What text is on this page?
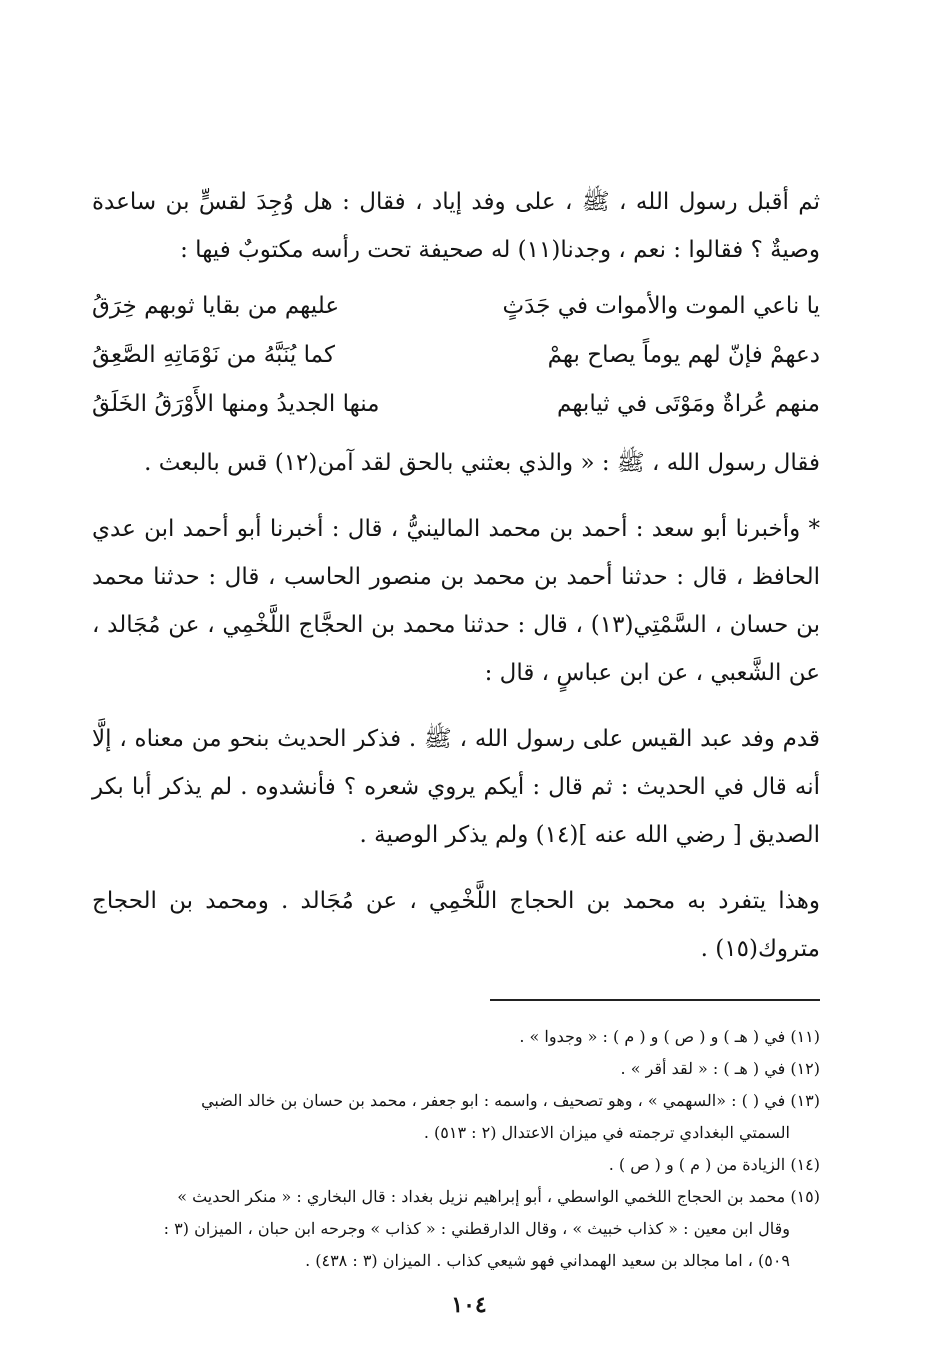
ثم أقبل رسول الله ، ﷺ ، على وفد إياد ، فقال : هل وُجِدَ لقسٍّ بن ساعدة وصيةٌ ؟ فقالوا : نعم ، وجدنا(١١) له صحيفة تحت رأسه مكتوبٌ فيها :

يا ناعي الموت والأموات في جَدَثٍ
عليهم من بقايا ثوبهم خِرَقُ
دعهمْ فإنّ لهم يوماً يصاح بهمْ
كما يُنَبَّهُ من نَوْمَاتِهِ الصَّعِقُ
منهم عُراةٌ ومَوْتَى في ثيابهم
منها الجديدُ ومنها الأَوْرَقُ الخَلَقُ

فقال رسول الله ، ﷺ : « والذي بعثني بالحق لقد آمن(١٢) قس بالبعث .

* وأخبرنا أبو سعد : أحمد بن محمد المالينيُّ ، قال : أخبرنا أبو أحمد ابن عدي الحافظ ، قال : حدثنا أحمد بن محمد بن منصور الحاسب ، قال : حدثنا محمد بن حسان ، السَّمْتِي(١٣) ، قال : حدثنا محمد بن الحجَّاج اللَّخْمِي ، عن مُجَالد ، عن الشَّعبي ، عن ابن عباسٍ ، قال :

قدم وفد عبد القيس على رسول الله ، ﷺ . فذكر الحديث بنحو من معناه ، إلَّا أنه قال في الحديث : ثم قال : أيكم يروي شعره ؟ فأنشدوه . لم يذكر أبا بكر الصديق [ رضي الله عنه ](١٤) ولم يذكر الوصية .

وهذا يتفرد به محمد بن الحجاج اللَّخْمِي ، عن مُجَالد . ومحمد بن الحجاج متروك(١٥) .

(١١) في ( هـ ) و ( ص ) و ( م ) : « وجدوا » .

(١٢) في ( هـ ) : « لقد أقر » .

(١٣) في ( ) : «السهمي » ، وهو تصحيف ، واسمه : ابو جعفر ، محمد بن حسان بن خالد الضبي

السمتي البغدادي ترجمته في ميزان الاعتدال (٢ : ٥١٣) .

(١٤) الزيادة من ( م ) و ( ص ) .

(١٥) محمد بن الحجاج اللخمي الواسطي ، أبو إبراهيم نزيل بغداد : قال البخاري : « منكر الحديث »

وقال ابن معين : « كذاب خبيث » ، وقال الدارقطني : « كذاب » وجرحه ابن حبان ، الميزان (٣ :

٥٠٩) ، اما مجالد بن سعيد الهمداني فهو شيعي كذاب . الميزان (٣ : ٤٣٨) .

١٠٤
